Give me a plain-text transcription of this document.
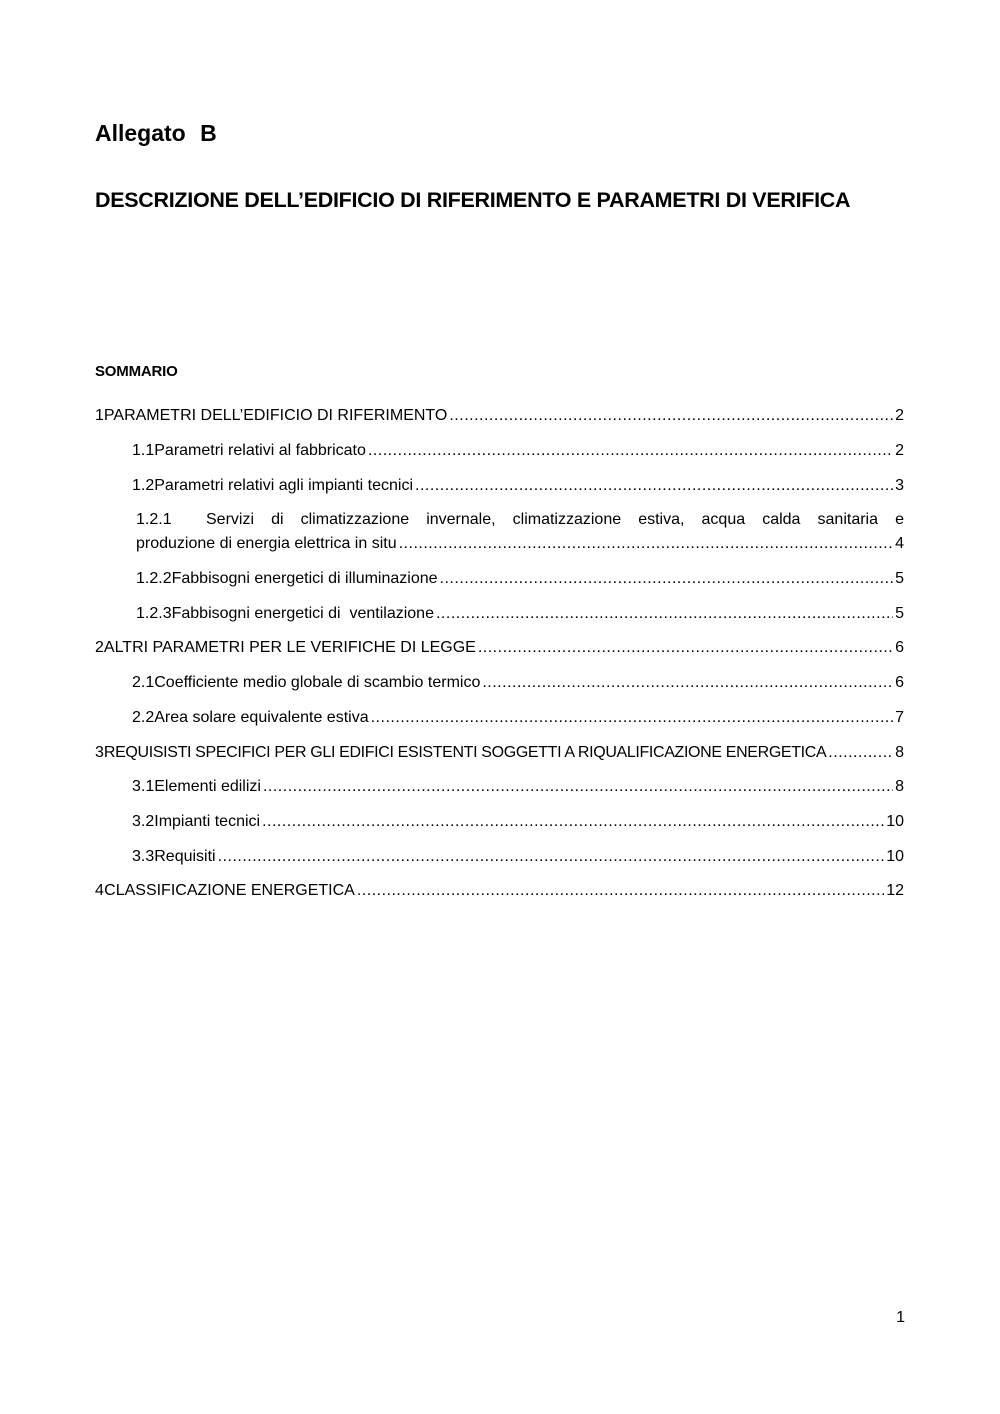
Allegato B
DESCRIZIONE DELL’EDIFICIO DI RIFERIMENTO E PARAMETRI DI VERIFICA
SOMMARIO
1 PARAMETRI DELL’EDIFICIO DI RIFERIMENTO .....	2
1.1 Parametri relativi al fabbricato .....	2
1.2 Parametri relativi agli impianti tecnici .....	3
1.2.1	Servizi di climatizzazione invernale, climatizzazione estiva, acqua calda sanitaria e
produzione di energia elettrica in situ .....	4
1.2.2 Fabbisogni energetici di illuminazione .....	5
1.2.3 Fabbisogni energetici di  ventilazione .....	5
2 ALTRI PARAMETRI PER LE VERIFICHE DI LEGGE .....	6
2.1 Coefficiente medio globale di scambio termico .....	6
2.2 Area solare equivalente estiva .....	7
3 REQUISISTI SPECIFICI PER GLI EDIFICI ESISTENTI SOGGETTI A RIQUALIFICAZIONE ENERGETICA .....	8
3.1 Elementi edilizi .....	8
3.2 Impianti tecnici .....	10
3.3 Requisiti .....	10
4 CLASSIFICAZIONE ENERGETICA .....	12
1
